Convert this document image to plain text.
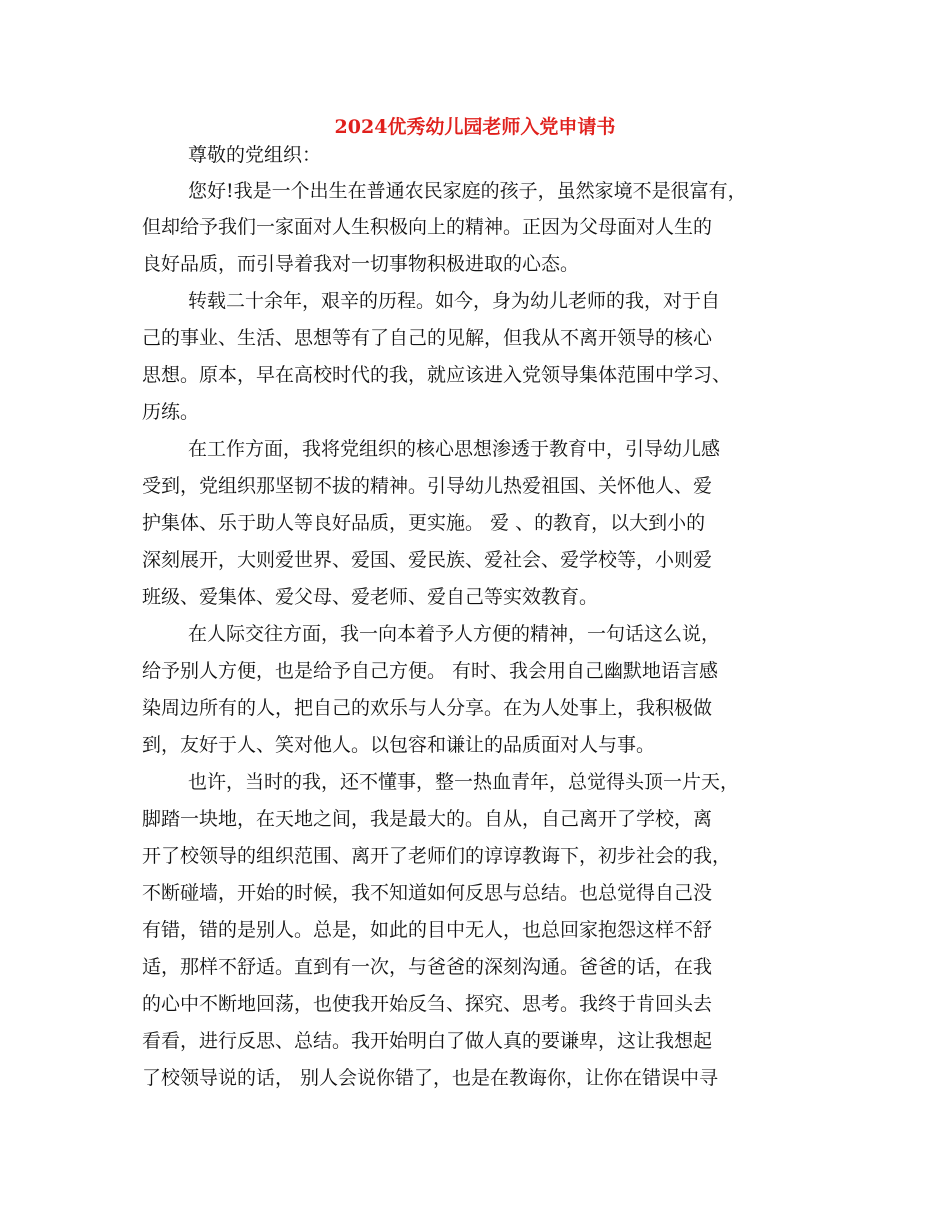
2024优秀幼儿园老师入党申请书
尊敬的党组织：
您好!我是一个出生在普通农民家庭的孩子，虽然家境不是很富有，
但却给予我们一家面对人生积极向上的精神。正因为父母面对人生的
良好品质，而引导着我对一切事物积极进取的心态。
转载二十余年，艰辛的历程。如今，身为幼儿老师的我，对于自
己的事业、生活、思想等有了自己的见解，但我从不离开领导的核心
思想。原本，早在高校时代的我，就应该进入党领导集体范围中学习、
历练。
在工作方面，我将党组织的核心思想渗透于教育中，引导幼儿感
受到，党组织那坚韧不拔的精神。引导幼儿热爱祖国、关怀他人、爱
护集体、乐于助人等良好品质，更实施。 爱 、的教育，以大到小的
深刻展开，大则爱世界、爱国、爱民族、爱社会、爱学校等，小则爱
班级、爱集体、爱父母、爱老师、爱自己等实效教育。
在人际交往方面，我一向本着予人方便的精神，一句话这么说，
给予别人方便，也是给予自己方便。 有时、我会用自己幽默地语言感
染周边所有的人，把自己的欢乐与人分享。在为人处事上，我积极做
到，友好于人、笑对他人。以包容和谦让的品质面对人与事。
也许，当时的我，还不懂事，整一热血青年，总觉得头顶一片天，
脚踏一块地，在天地之间，我是最大的。自从，自己离开了学校，离
开了校领导的组织范围、离开了老师们的谆谆教诲下，初步社会的我，
不断碰墙，开始的时候，我不知道如何反思与总结。也总觉得自己没
有错，错的是别人。总是，如此的目中无人，也总回家抱怨这样不舒
适，那样不舒适。直到有一次，与爸爸的深刻沟通。爸爸的话，在我
的心中不断地回荡，也使我开始反刍、探究、思考。我终于肯回头去
看看，进行反思、总结。我开始明白了做人真的要谦卑，这让我想起
了校领导说的话， 别人会说你错了，也是在教诲你，让你在错误中寻
